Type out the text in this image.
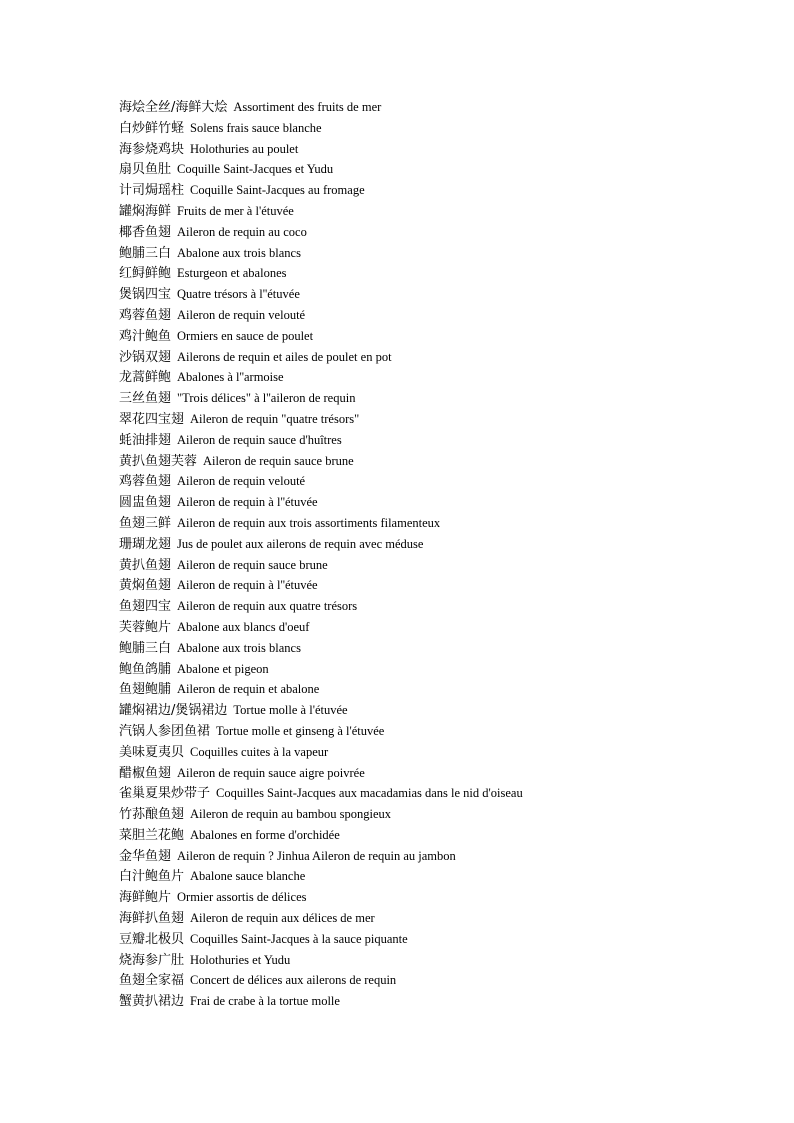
海烩全丝/海鲜大烩 Assortiment des fruits de mer
白炒鲜竹蛏 Solens frais sauce blanche
海参烧鸡块 Holothuries au poulet
扇贝鱼肚 Coquille Saint-Jacques et Yudu
计司焗瑶柱 Coquille Saint-Jacques au fromage
罐焖海鲜 Fruits de mer à l'étuvée
椰香鱼翅 Aileron de requin au coco
鲍脯三白 Abalone aux trois blancs
红鲟鲜鲍 Esturgeon et abalones
煲锅四宝 Quatre trésors à l''étuvée
鸡蓉鱼翅 Aileron de requin velouté
鸡汁鲍鱼 Ormiers en sauce de poulet
沙锅双翅 Ailerons de requin et ailes de poulet en pot
龙蒿鲜鲍 Abalones à l''armoise
三丝鱼翅 "Trois délices" à l''aileron de requin
翠花四宝翅 Aileron de requin "quatre trésors"
蚝油排翅 Aileron de requin sauce d'huîtres
黄扒鱼翅芙蓉 Aileron de requin sauce brune
鸡蓉鱼翅 Aileron de requin velouté
圆盅鱼翅 Aileron de requin à l''étuvée
鱼翅三鲜 Aileron de requin aux trois assortiments filamenteux
珊瑚龙翅 Jus de poulet aux ailerons de requin avec méduse
黄扒鱼翅 Aileron de requin sauce brune
黄焖鱼翅 Aileron de requin à l''étuvée
鱼翅四宝 Aileron de requin aux quatre trésors
芙蓉鲍片 Abalone aux blancs d'oeuf
鲍脯三白 Abalone aux trois blancs
鲍鱼鸽脯 Abalone et pigeon
鱼翅鲍脯 Aileron de requin et abalone
罐焖裙边/煲锅裙边 Tortue molle à l'étuvée
汽锅人参团鱼裙 Tortue molle et ginseng à l'étuvée
美味夏夷贝 Coquilles cuites à la vapeur
醋椒鱼翅 Aileron de requin sauce aigre poivrée
雀巢夏果炒带子 Coquilles Saint-Jacques aux macadamias dans le nid d'oiseau
竹荪酿鱼翅 Aileron de requin au bambou spongieux
菜胆兰花鲍 Abalones en forme d'orchidée
金华鱼翅 Aileron de requin ? Jinhua Aileron de requin au jambon
白汁鲍鱼片 Abalone sauce blanche
海鲜鲍片 Ormier assortis de délices
海鲜扒鱼翅 Aileron de requin aux délices de mer
豆瓣北极贝 Coquilles Saint-Jacques à la sauce piquante
烧海参广肚 Holothuries et Yudu
鱼翅全家福 Concert de délices aux ailerons de requin
蟹黄扒裙边 Frai de crabe à la tortue molle
